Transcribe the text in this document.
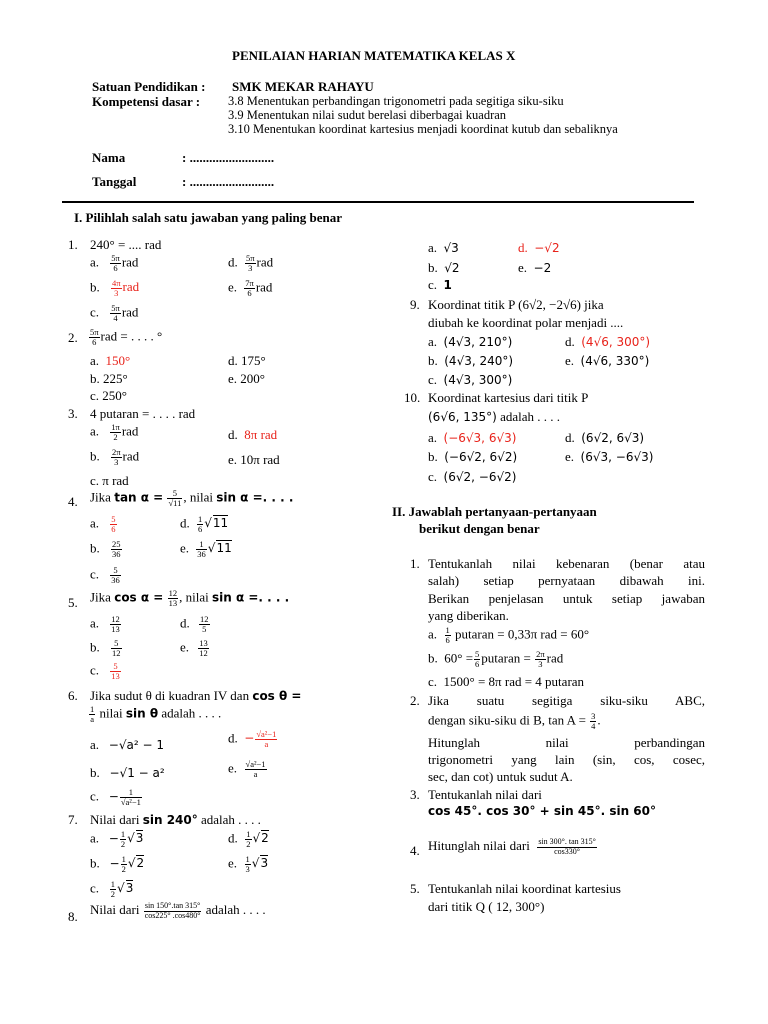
PENILAIAN HARIAN MATEMATIKA KELAS X
Satuan Pendidikan : SMK MEKAR RAHAYU
Kompetensi dasar : 3.8 Menentukan perbandingan trigonometri pada segitiga siku-siku
3.9 Menentukan nilai sudut berelasi diberbagai kuadran
3.10 Menentukan koordinat kartesius menjadi koordinat kutub dan sebaliknya
Nama	: ..........................
Tanggal	: ..........................
I. Pilihlah salah satu jawaban yang paling benar
1. 240° = .... rad
a. $\frac{5\pi}{6}$ rad	d. $\frac{5\pi}{3}$ rad
b. $\frac{4\pi}{3}$ rad	e. $\frac{7\pi}{6}$ rad
c. $\frac{5\pi}{4}$ rad
2. $\frac{5\pi}{6}$ rad = . . . . °
a. 150°	d. 175°
b. 225°	e. 200°
c. 250°
3. 4 putaran = . . . . rad
a. $\frac{1\pi}{2}$ rad	d. 8π rad
b. $\frac{2\pi}{3}$ rad	e. 10π rad
c. π rad
4. Jika $\tan \alpha = \frac{5}{√11}$ , nilai sin α =. . . .
a. $\frac{5}{6}$	d. $\frac{1}{6} √11$
b. $\frac{25}{36}$	e. $\frac{1}{36} √11$
c. $\frac{5}{36}$
5. Jika $\cos \alpha = \frac{12}{13}$ , nilai sin α =. . . .
a. $\frac{12}{13}$	d. $\frac{12}{5}$
b. $\frac{5}{12}$	e. $\frac{13}{12}$
c. $\frac{5}{13}$
6. Jika sudut θ di kuadran IV dan cos θ =
$\frac{1}{a}$ nilai sin θ adalah . . . .
a. −√a² − 1	d. − $\frac{\text{√a²−1}}{a}$
b. −√1 − a²	e. $\frac{\text{√a²−1}}{a}$
c. − $\frac{1}{\text{√a²−1}}$
7. Nilai dari sin 240° adalah . . . .
a. − $\frac{1}{2} √3$	d. $\frac{1}{2} √2$
b. − $\frac{1}{2} √2$	e. $\frac{1}{3} √3$
c. $\frac{1}{2} √3$
8. Nilai dari $\frac{\sin 150^\circ.\tan 315^\circ}{\cos 225^\circ .\cos 480^\circ}$ adalah . . . .
a. √3	d. −√2
b. √2	e. −2
c. 1
9. Koordinat titik P (6√2, −2√6) jika
diubah ke koordinat polar menjadi ....
a. (4√3, 210°)	d. (4√6, 300°)
b. (4√3, 240°)	e. (4√6, 330°)
c. (4√3, 300°)
10. Koordinat kartesius dari titik P
(6√6, 135°) adalah . . . .
a. (−6√3, 6√3)	d. (6√2, 6√3)
b. (−6√2, 6√2)	e. (6√3, −6√3)
c. (6√2, −6√2)
II. Jawablah pertanyaan-pertanyaan
berikut dengan benar
1. Tentukanlah nilai kebenaran (benar atau
salah) setiap pernyataan dibawah ini.
Berikan penjelasan untuk setiap jawaban
yang diberikan.
a. $\frac{1}{6}$ putaran = 0,33π rad = 60°
b. $60^\circ = \frac{5}{6}$ putaran = $\frac{2\pi}{3}$ rad
c. 1500° = 8π rad = 4 putaran
2. Jika suatu segitiga siku-siku ABC,
dengan siku-siku di B, $\tan A = \frac{3}{4}$ .
Hitunglah nilai perbandingan
trigonometri yang lain (sin, cos, cosec,
sec, dan cot) untuk sudut A.
3. Tentukanlah nilai dari
cos 45°. cos 30° + sin 45°. sin 60°
4. Hitunglah nilai dari $\frac{\sin 300^\circ. \tan 315^\circ}{\cos 330^\circ}$
5. Tentukanlah nilai koordinat kartesius
dari titik Q ( 12, 300°)
